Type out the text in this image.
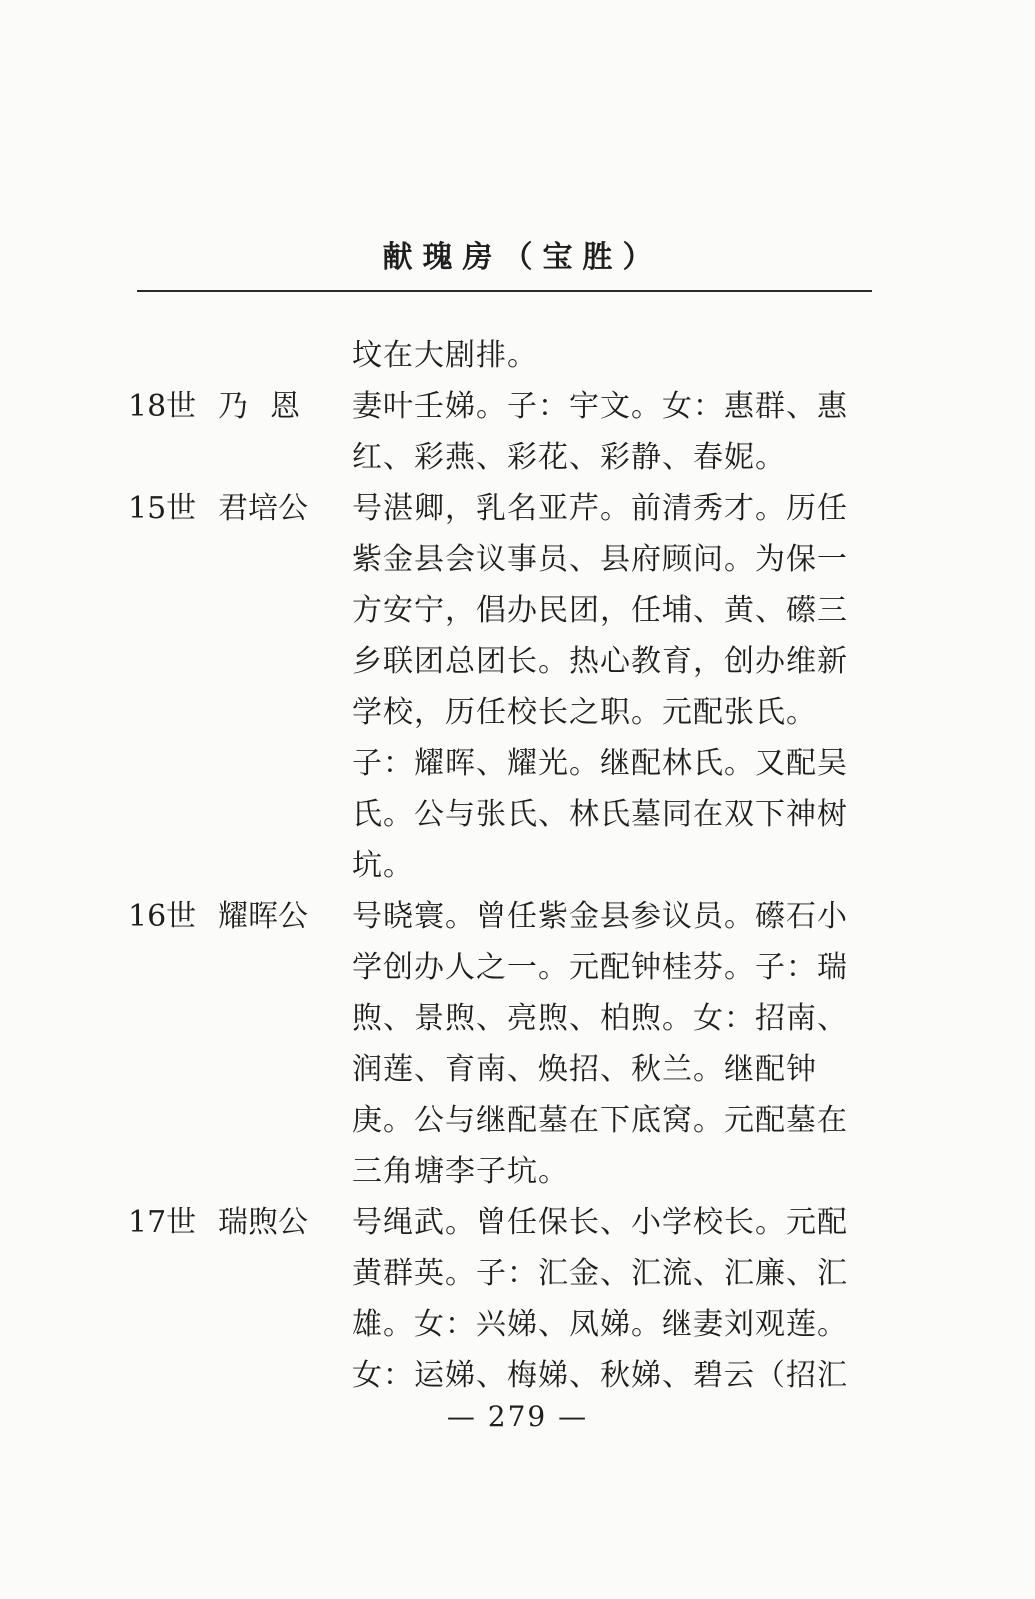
献瑰房（宝胜）
坟在大剧排。
18世 乃恩	妻叶壬娣。子：宇文。女：惠群、惠
红、彩燕、彩花、彩静、春妮。
15世 君培公	号湛卿，乳名亚芹。前清秀才。历任
紫金县会议事员、县府顾问。为保一
方安宁，倡办民团，任埔、黄、礤三
乡联团总团长。热心教育，创办维新
学校，历任校长之职。元配张氏。
子：耀晖、耀光。继配林氏。又配吴
氏。公与张氏、林氏墓同在双下神树
坑。
16世 耀晖公	号晓寰。曾任紫金县参议员。礤石小
学创办人之一。元配钟桂芬。子：瑞
煦、景煦、亮煦、柏煦。女：招南、
润莲、育南、焕招、秋兰。继配钟
庚。公与继配墓在下底窝。元配墓在
三角塘李子坑。
17世 瑞煦公	号绳武。曾任保长、小学校长。元配
黄群英。子：汇金、汇流、汇廉、汇
雄。女：兴娣、凤娣。继妻刘观莲。
女：运娣、梅娣、秋娣、碧云（招汇
— 279 —
